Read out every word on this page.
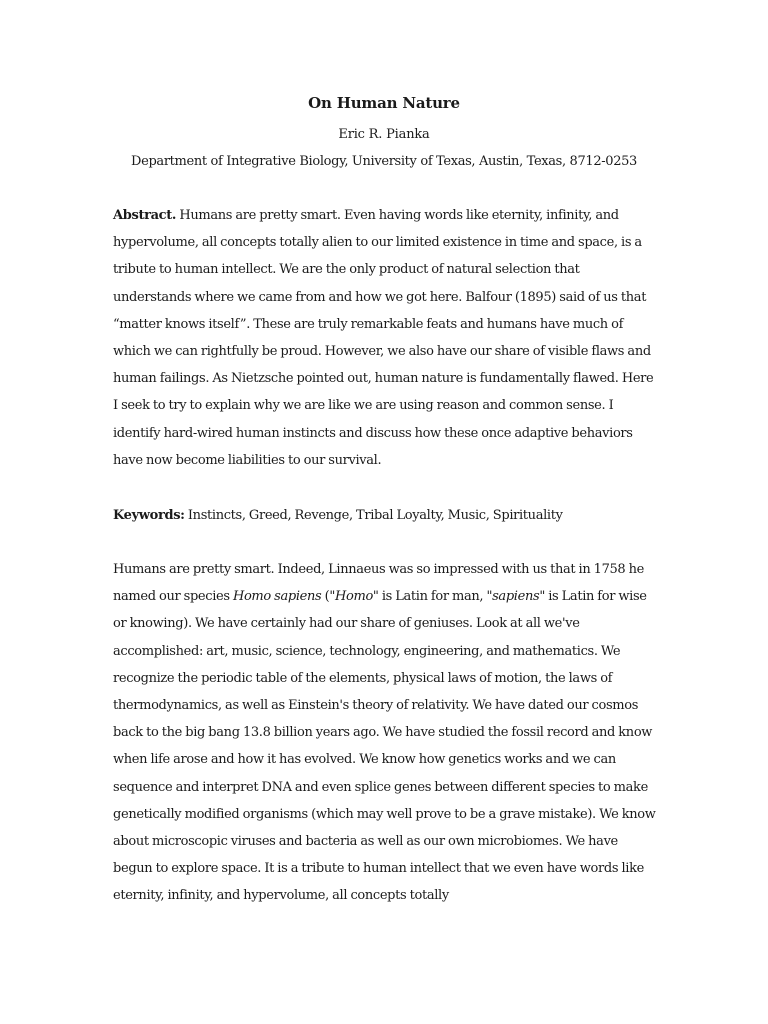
On Human Nature
Eric R. Pianka
Department of Integrative Biology, University of Texas, Austin, Texas, 8712-0253

Abstract. Humans are pretty smart. Even having words like eternity, infinity, and hypervolume, all concepts totally alien to our limited existence in time and space, is a tribute to human intellect. We are the only product of natural selection that understands where we came from and how we got here. Balfour (1895) said of us that “matter knows itself”. These are truly remarkable feats and humans have much of which we can rightfully be proud. However, we also have our share of visible flaws and human failings. As Nietzsche pointed out, human nature is fundamentally flawed. Here I seek to try to explain why we are like we are using reason and common sense. I identify hard-wired human instincts and discuss how these once adaptive behaviors have now become liabilities to our survival.

Keywords: Instincts, Greed, Revenge, Tribal Loyalty, Music, Spirituality

Humans are pretty smart. Indeed, Linnaeus was so impressed with us that in 1758 he named our species Homo sapiens ("Homo" is Latin for man, "sapiens" is Latin for wise or knowing). We have certainly had our share of geniuses. Look at all we've accomplished: art, music, science, technology, engineering, and mathematics. We recognize the periodic table of the elements, physical laws of motion, the laws of thermodynamics, as well as Einstein's theory of relativity. We have dated our cosmos back to the big bang 13.8 billion years ago. We have studied the fossil record and know when life arose and how it has evolved. We know how genetics works and we can sequence and interpret DNA and even splice genes between different species to make genetically modified organisms (which may well prove to be a grave mistake). We know about microscopic viruses and bacteria as well as our own microbiomes. We have begun to explore space. It is a tribute to human intellect that we even have words like eternity, infinity, and hypervolume, all concepts totally
